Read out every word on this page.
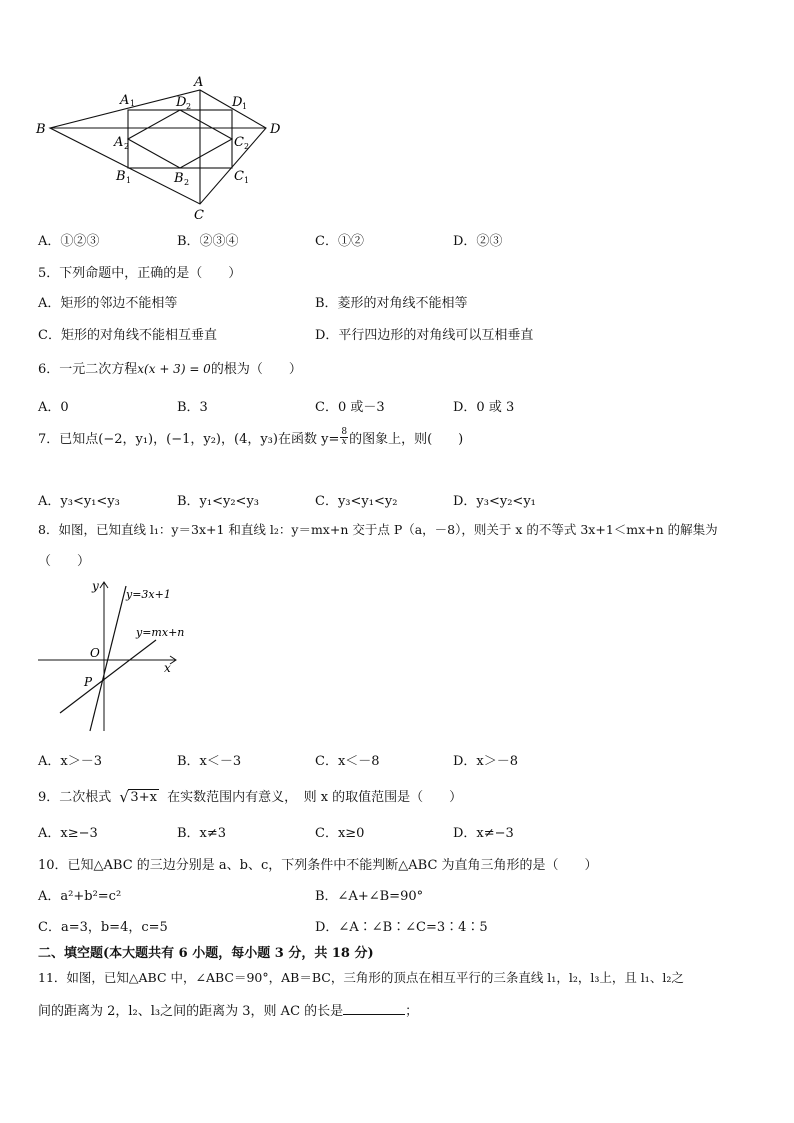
A
A 1	D 2	D 1
B	D
A 2	C 2
B 1	B 2	C 1
C
A．①②③	B．②③④	C．①②	D．②③
5．下列命题中，正确的是（　　）
A．矩形的邻边不能相等	B．菱形的对角线不能相等
C．矩形的对角线不能相互垂直	D．平行四边形的对角线可以互相垂直
6．一元二次方程x(x + 3) = 0的根为（　　）
A．0	B．3	C．0 或－3	D．0 或 3
7．已知点(−2，y₁)，(−1，y₂)，(4，y₃)在函数 $y= \frac{8}{x}$ 的图象上，则(　　)
A．y₃<y₁<y₃	B．y₁<y₂<y₃	C．y₃<y₁<y₂	D．y₃<y₂<y₁
8．如图，已知直线 l₁：y＝3x+1 和直线 l₂：y＝mx+n 交于点 P（a，－8），则关于 x 的不等式 3x+1＜mx+n 的解集为
（　　）
y
x
O
P
y=3x+1
y=mx+n
A．x＞－3	B．x＜－3	C．x＜－8	D．x＞－8
9．二次根式 √ 3+x 在实数范围内有意义，　则 x 的取值范围是（　　）
A．x≥−3	B．x≠3	C．x≥0	D．x≠−3
10．已知△ABC 的三边分别是 a、b、c，下列条件中不能判断△ABC 为直角三角形的是（　　）
A．a²+b²=c²	B．∠A+∠B=90°
C．a=3，b=4，c=5	D．∠A∶∠B∶∠C=3∶4∶5
二、填空题(本大题共有 6 小题，每小题 3 分，共 18 分)
11．如图，已知△ABC 中，∠ABC＝90°，AB＝BC，三角形的顶点在相互平行的三条直线 l₁，l₂，l₃上，且 l₁、l₂之
间的距离为 2，l₂、l₃之间的距离为 3，则 AC 的长是	；
